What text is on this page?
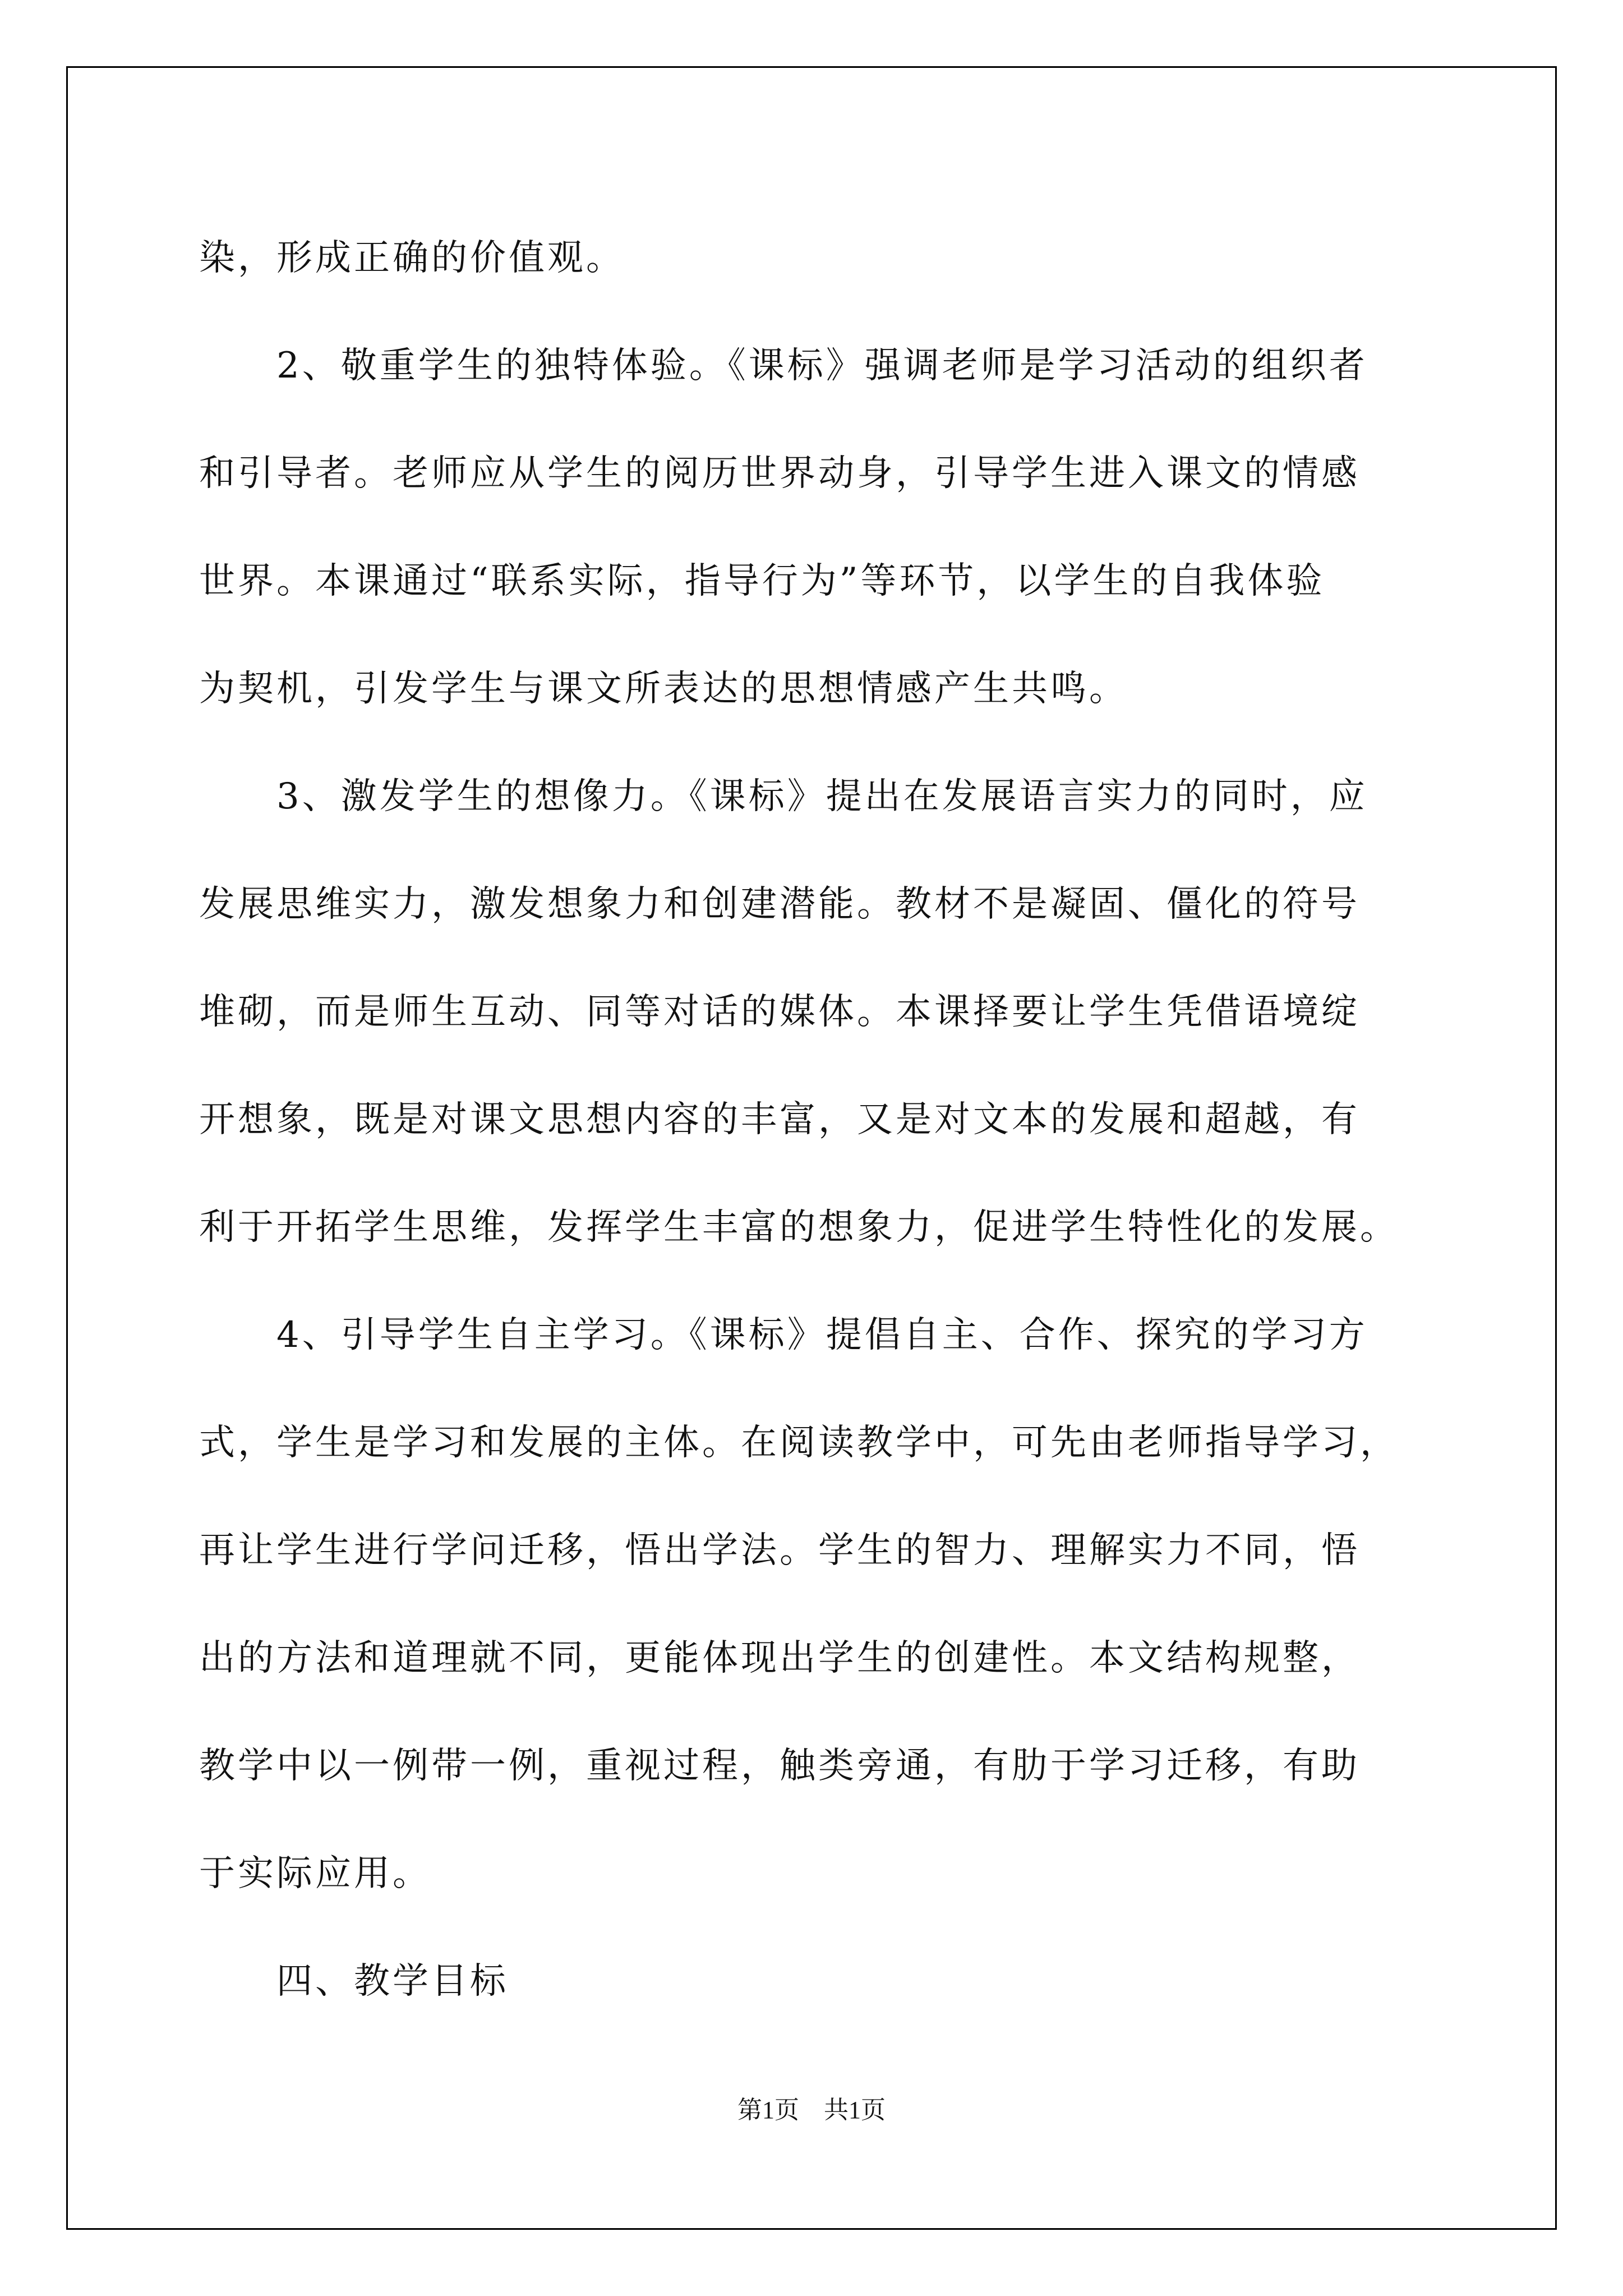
染，形成正确的价值观。
　　2、敬重学生的独特体验。《课标》强调老师是学习活动的组织者
和引导者。老师应从学生的阅历世界动身，引导学生进入课文的情感
世界。本课通过“联系实际，指导行为”等环节，以学生的自我体验
为契机，引发学生与课文所表达的思想情感产生共鸣。
　　3、激发学生的想像力。《课标》提出在发展语言实力的同时，应
发展思维实力，激发想象力和创建潜能。教材不是凝固、僵化的符号
堆砌，而是师生互动、同等对话的媒体。本课择要让学生凭借语境绽
开想象，既是对课文思想内容的丰富，又是对文本的发展和超越，有
利于开拓学生思维，发挥学生丰富的想象力，促进学生特性化的发展。
　　4、引导学生自主学习。《课标》提倡自主、合作、探究的学习方
式，学生是学习和发展的主体。在阅读教学中，可先由老师指导学习，
再让学生进行学问迁移，悟出学法。学生的智力、理解实力不同，悟
出的方法和道理就不同，更能体现出学生的创建性。本文结构规整，
教学中以一例带一例，重视过程，触类旁通，有肋于学习迁移，有助
于实际应用。
　　四、教学目标
第1页　共1页
